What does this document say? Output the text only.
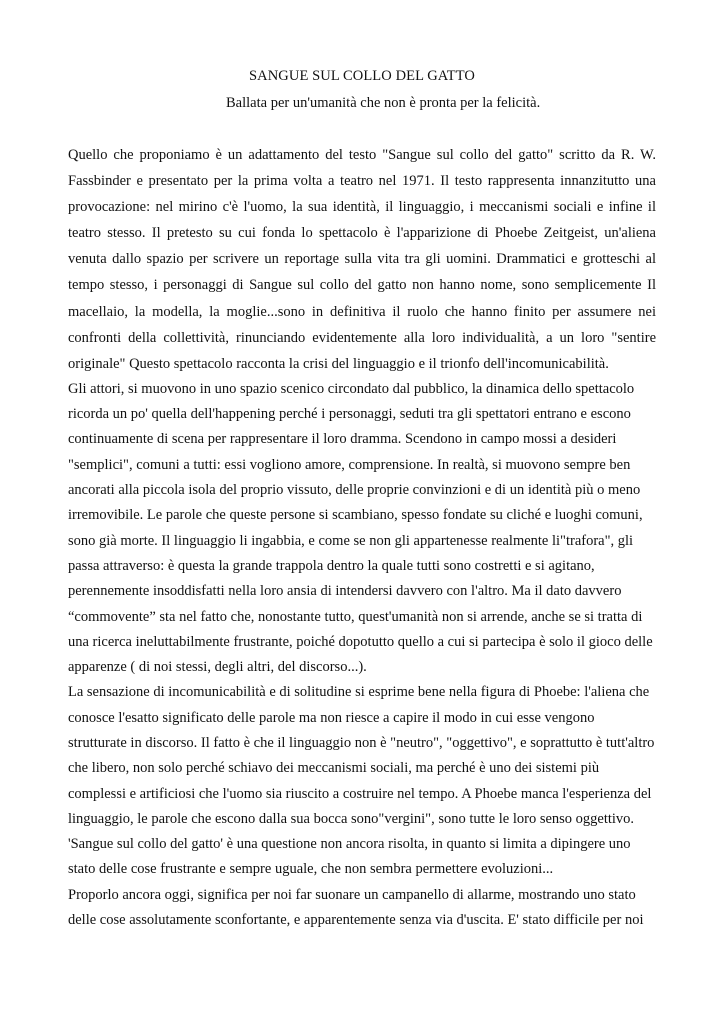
SANGUE SUL COLLO DEL GATTO
Ballata per un'umanità che non è pronta per la felicità.

Quello che proponiamo è un adattamento del testo "Sangue sul collo del gatto" scritto da R. W. Fassbinder e presentato per la prima volta a teatro nel 1971. Il testo rappresenta innanzitutto una provocazione: nel mirino c'è l'uomo, la sua identità, il linguaggio, i meccanismi sociali e infine il teatro stesso. Il pretesto su cui fonda lo spettacolo è l'apparizione di Phoebe Zeitgeist, un'aliena venuta dallo spazio per scrivere un reportage sulla vita tra gli uomini. Drammatici e grotteschi al tempo stesso, i personaggi di Sangue sul collo del gatto non hanno nome, sono semplicemente Il macellaio, la modella, la moglie...sono in definitiva il ruolo che hanno finito per assumere nei confronti della collettività, rinunciando evidentemente alla loro individualità, a un loro "sentire originale" Questo spettacolo racconta la crisi del linguaggio e il trionfo dell'incomunicabilità.

Gli attori, si muovono in uno spazio scenico circondato dal pubblico, la dinamica dello spettacolo ricorda un po' quella dell'happening perché i personaggi, seduti tra gli spettatori entrano e escono continuamente di scena per rappresentare il loro dramma. Scendono in campo mossi a desideri "semplici", comuni a tutti: essi vogliono amore, comprensione. In realtà, si muovono sempre ben ancorati alla piccola isola del proprio vissuto, delle proprie convinzioni e di un identità più o meno irremovibile. Le parole che queste persone si scambiano, spesso fondate su cliché e luoghi comuni, sono già morte. Il linguaggio li ingabbia, e come se non gli appartenesse realmente li"trafora", gli passa attraverso: è questa la grande trappola dentro la quale tutti sono costretti e si agitano, perennemente insoddisfatti nella loro ansia di intendersi davvero con l'altro. Ma il dato davvero “commovente” sta nel fatto che, nonostante tutto, quest'umanità non si arrende, anche se si tratta di una ricerca ineluttabilmente frustrante, poiché dopotutto quello a cui si partecipa è solo il gioco delle apparenze ( di noi stessi, degli altri, del discorso...).

La sensazione di incomunicabilità e di solitudine si esprime bene nella figura di Phoebe: l'aliena che conosce l'esatto significato delle parole ma non riesce a capire il modo in cui esse vengono strutturate in discorso. Il fatto è che il linguaggio non è "neutro", "oggettivo", e soprattutto è tutt'altro che libero, non solo perché schiavo dei meccanismi sociali, ma perché è uno dei sistemi più complessi e artificiosi che l'uomo sia riuscito a costruire nel tempo. A Phoebe manca l'esperienza del linguaggio, le parole che escono dalla sua bocca sono"vergini", sono tutte le loro senso oggettivo.

'Sangue sul collo del gatto' è una questione non ancora risolta, in quanto si limita a dipingere uno stato delle cose frustrante e sempre uguale, che non sembra permettere evoluzioni...

Proporlo ancora oggi, significa per noi far suonare un campanello di allarme, mostrando uno stato delle cose assolutamente sconfortante, e apparentemente senza via d'uscita. E' stato difficile per noi
